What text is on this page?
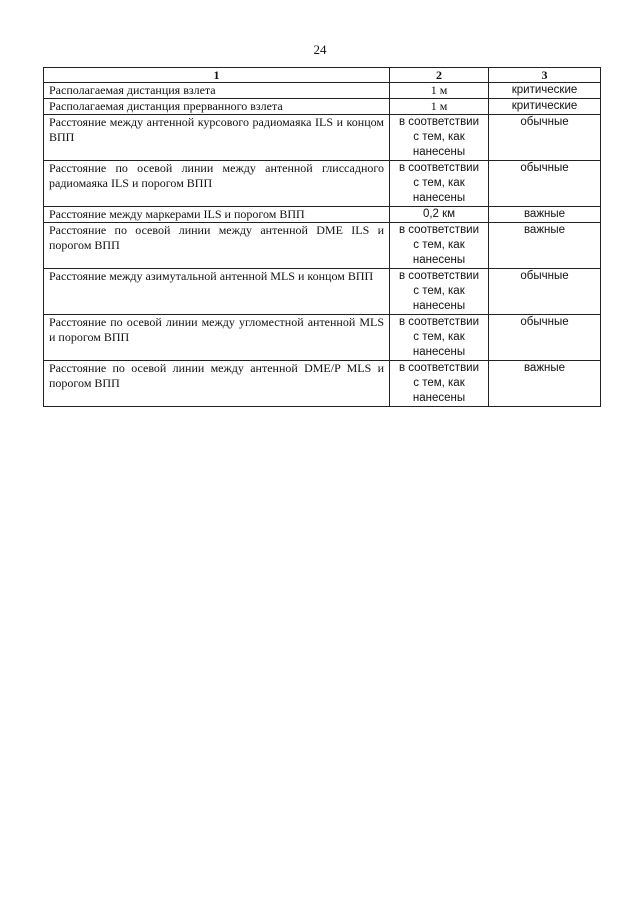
24
1	2	3
Располагаемая дистанция взлета	1 м	критические
Располагаемая дистанция прерванного взлета	1 м	критические
Расстояние между антенной курсового радиомаяка ILS и концом ВПП	в соответствии с тем, как нанесены	обычные
Расстояние по осевой линии между антенной глиссадного радиомаяка ILS и порогом ВПП	в соответствии с тем, как нанесены	обычные
Расстояние между маркерами ILS и порогом ВПП	0,2 км	важные
Расстояние по осевой линии между антенной DME ILS и порогом ВПП	в соответствии с тем, как нанесены	важные
Расстояние между азимутальной антенной MLS и концом ВПП	в соответствии с тем, как нанесены	обычные
Расстояние по осевой линии между угломестной антенной MLS и порогом ВПП	в соответствии с тем, как нанесены	обычные
Расстояние по осевой линии между антенной DME/P MLS и порогом ВПП	в соответствии с тем, как нанесены	важные
